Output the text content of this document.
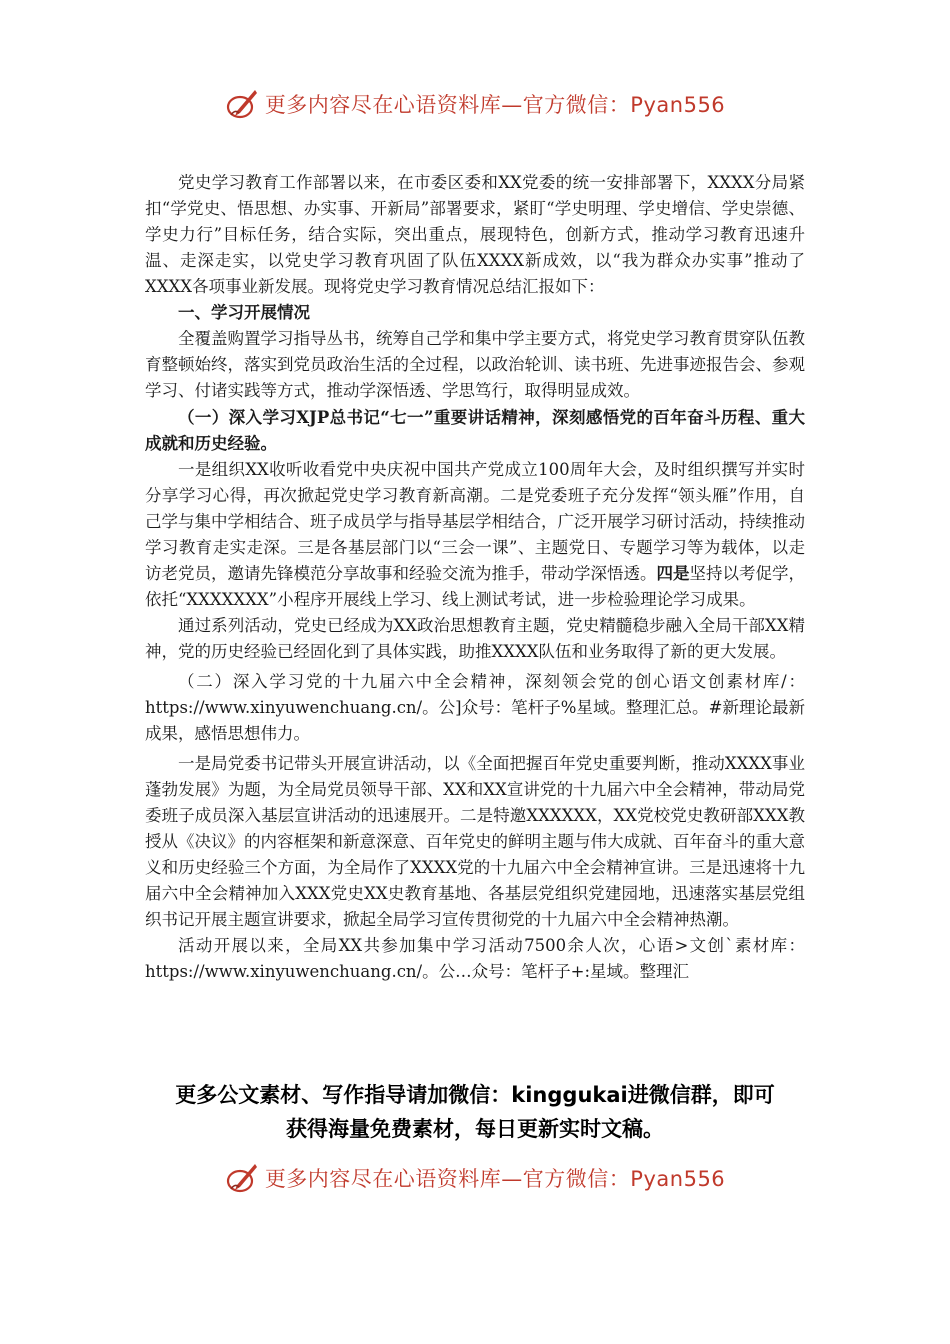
更多内容尽在心语资料库—官方微信：Pyan556

党史学习教育工作部署以来，在市委区委和XX党委的统一安排部署下，XXXX分局紧扣“学党史、悟思想、办实事、开新局”部署要求，紧盯“学史明理、学史增信、学史崇德、学史力行”目标任务，结合实际，突出重点，展现特色，创新方式，推动学习教育迅速升温、走深走实，以党史学习教育巩固了队伍XXXX新成效，以“我为群众办实事”推动了XXXX各项事业新发展。现将党史学习教育情况总结汇报如下：

一、学习开展情况

全覆盖购置学习指导丛书，统筹自己学和集中学主要方式，将党史学习教育贯穿队伍教育整顿始终，落实到党员政治生活的全过程，以政治轮训、读书班、先进事迹报告会、参观学习、付诸实践等方式，推动学深悟透、学思笃行，取得明显成效。

（一）深入学习XJP总书记“七一”重要讲话精神，深刻感悟党的百年奋斗历程、重大成就和历史经验。

一是组织XX收听收看党中央庆祝中国共产党成立100周年大会，及时组织撰写并实时分享学习心得，再次掀起党史学习教育新高潮。二是党委班子充分发挥“领头雁”作用，自己学与集中学相结合、班子成员学与指导基层学相结合，广泛开展学习研讨活动，持续推动学习教育走实走深。三是各基层部门以“三会一课”、主题党日、专题学习等为载体，以走访老党员，邀请先锋模范分享故事和经验交流为推手，带动学深悟透。四是坚持以考促学，依托“XXXXXXX”小程序开展线上学习、线上测试考试，进一步检验理论学习成果。

通过系列活动，党史已经成为XX政治思想教育主题，党史精髓稳步融入全局干部XX精神，党的历史经验已经固化到了具体实践，助推XXXX队伍和业务取得了新的更大发展。

（二）深入学习党的十九届六中全会精神，深刻领会党的创心语文创素材库/：https://www.xinyuwenchuang.cn/。公]众号：笔杆子%星域。整理汇总。#新理论最新成果，感悟思想伟力。

一是局党委书记带头开展宣讲活动，以《全面把握百年党史重要判断，推动XXXX事业蓬勃发展》为题，为全局党员领导干部、XX和XX宣讲党的十九届六中全会精神，带动局党委班子成员深入基层宣讲活动的迅速展开。二是特邀XXXXXX，XX党校党史教研部XXX教授从《决议》的内容框架和新意深意、百年党史的鲜明主题与伟大成就、百年奋斗的重大意义和历史经验三个方面，为全局作了XXXX党的十九届六中全会精神宣讲。三是迅速将十九届六中全会精神加入XXX党史XX史教育基地、各基层党组织党建园地，迅速落实基层党组织书记开展主题宣讲要求，掀起全局学习宣传贯彻党的十九届六中全会精神热潮。

活动开展以来，全局XX共参加集中学习活动7500余人次，心语>文创`素材库：https://www.xinyuwenchuang.cn/。公…众号：笔杆子+:星域。整理汇

更多公文素材、写作指导请加微信：kinggukai进微信群，即可
获得海量免费素材，每日更新实时文稿。
更多内容尽在心语资料库—官方微信：Pyan556
